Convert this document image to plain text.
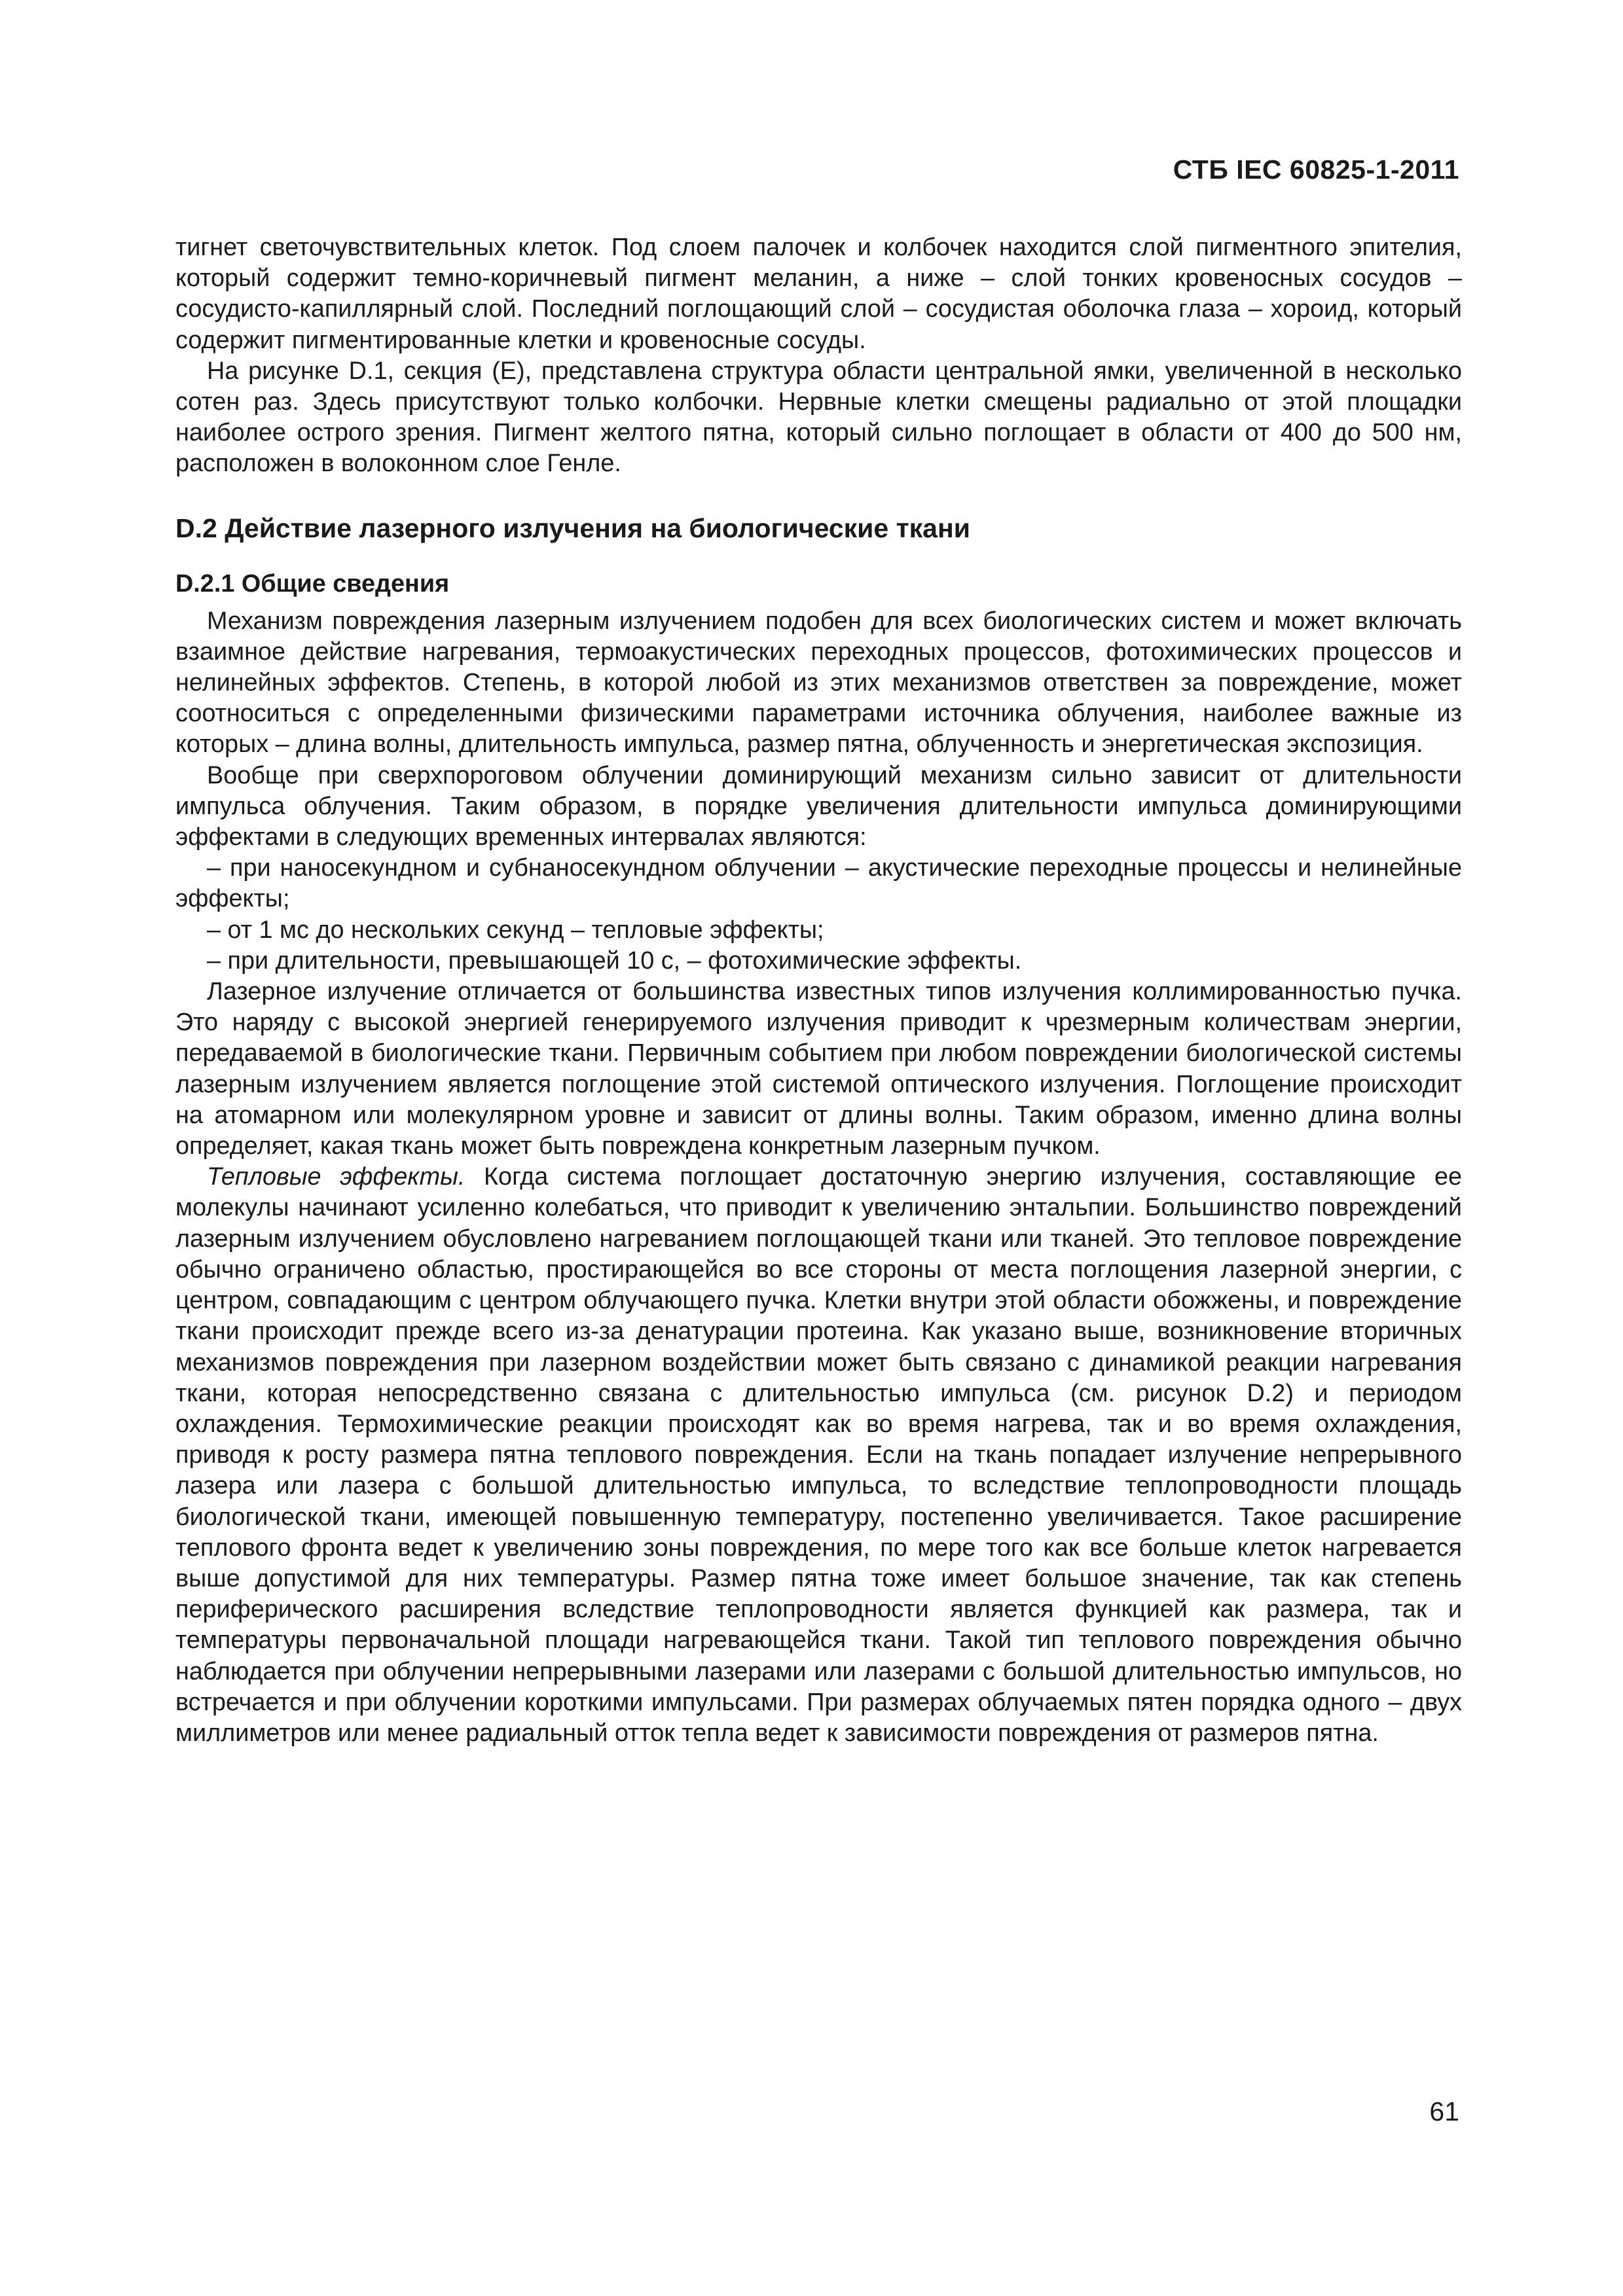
СТБ IEC 60825-1-2011

тигнет светочувствительных клеток. Под слоем палочек и колбочек находится слой пигментного эпителия, который содержит темно-коричневый пигмент меланин, а ниже – слой тонких кровеносных сосудов – сосудисто-капиллярный слой. Последний поглощающий слой – сосудистая оболочка глаза – хороид, который содержит пигментированные клетки и кровеносные сосуды.

На рисунке D.1, секция (E), представлена структура области центральной ямки, увеличенной в несколько сотен раз. Здесь присутствуют только колбочки. Нервные клетки смещены радиально от этой площадки наиболее острого зрения. Пигмент желтого пятна, который сильно поглощает в области от 400 до 500 нм, расположен в волоконном слое Генле.

D.2 Действие лазерного излучения на биологические ткани
D.2.1 Общие сведения

Механизм повреждения лазерным излучением подобен для всех биологических систем и может включать взаимное действие нагревания, термоакустических переходных процессов, фотохимических процессов и нелинейных эффектов. Степень, в которой любой из этих механизмов ответствен за повреждение, может соотноситься с определенными физическими параметрами источника облучения, наиболее важные из которых – длина волны, длительность импульса, размер пятна, облученность и энергетическая экспозиция.

Вообще при сверхпороговом облучении доминирующий механизм сильно зависит от длительности импульса облучения. Таким образом, в порядке увеличения длительности импульса доминирующими эффектами в следующих временных интервалах являются:

– при наносекундном и субнаносекундном облучении – акустические переходные процессы и нелинейные эффекты;

– от 1 мс до нескольких секунд – тепловые эффекты;

– при длительности, превышающей 10 с, – фотохимические эффекты.

Лазерное излучение отличается от большинства известных типов излучения коллимированностью пучка. Это наряду с высокой энергией генерируемого излучения приводит к чрезмерным количествам энергии, передаваемой в биологические ткани. Первичным событием при любом повреждении биологической системы лазерным излучением является поглощение этой системой оптического излучения. Поглощение происходит на атомарном или молекулярном уровне и зависит от длины волны. Таким образом, именно длина волны определяет, какая ткань может быть повреждена конкретным лазерным пучком.

Тепловые эффекты. Когда система поглощает достаточную энергию излучения, составляющие ее молекулы начинают усиленно колебаться, что приводит к увеличению энтальпии. Большинство повреждений лазерным излучением обусловлено нагреванием поглощающей ткани или тканей. Это тепловое повреждение обычно ограничено областью, простирающейся во все стороны от места поглощения лазерной энергии, с центром, совпадающим с центром облучающего пучка. Клетки внутри этой области обожжены, и повреждение ткани происходит прежде всего из-за денатурации протеина. Как указано выше, возникновение вторичных механизмов повреждения при лазерном воздействии может быть связано с динамикой реакции нагревания ткани, которая непосредственно связана с длительностью импульса (см. рисунок D.2) и периодом охлаждения. Термохимические реакции происходят как во время нагрева, так и во время охлаждения, приводя к росту размера пятна теплового повреждения. Если на ткань попадает излучение непрерывного лазера или лазера с большой длительностью импульса, то вследствие теплопроводности площадь биологической ткани, имеющей повышенную температуру, постепенно увеличивается. Такое расширение теплового фронта ведет к увеличению зоны повреждения, по мере того как все больше клеток нагревается выше допустимой для них температуры. Размер пятна тоже имеет большое значение, так как степень периферического расширения вследствие теплопроводности является функцией как размера, так и температуры первоначальной площади нагревающейся ткани. Такой тип теплового повреждения обычно наблюдается при облучении непрерывными лазерами или лазерами с большой длительностью импульсов, но встречается и при облучении короткими импульсами. При размерах облучаемых пятен порядка одного – двух миллиметров или менее радиальный отток тепла ведет к зависимости повреждения от размеров пятна.

61
